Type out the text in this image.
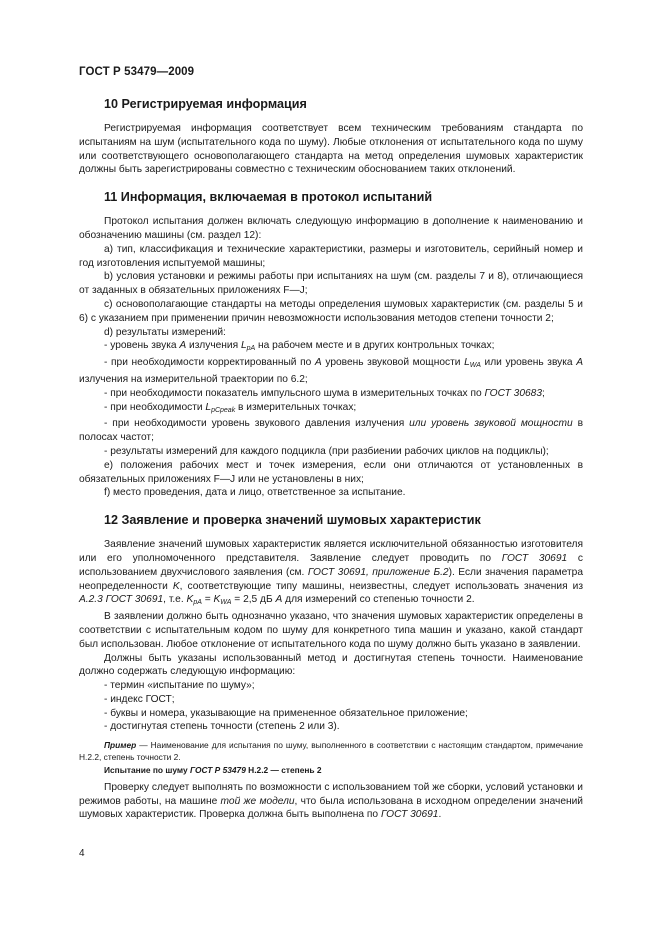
ГОСТ Р 53479—2009
10 Регистрируемая информация

Регистрируемая информация соответствует всем техническим требованиям стандарта по испытаниям на шум (испытательного кода по шуму). Любые отклонения от испытательного кода по шуму или соответствующего основополагающего стандарта на метод определения шумовых характеристик должны быть зарегистрированы совместно с техническим обоснованием таких отклонений.

11 Информация, включаемая в протокол испытаний

Протокол испытания должен включать следующую информацию в дополнение к наименованию и обозначению машины (см. раздел 12):

а) тип, классификация и технические характеристики, размеры и изготовитель, серийный номер и год изготовления испытуемой машины;

b) условия установки и режимы работы при испытаниях на шум (см. разделы 7 и 8), отличающиеся от заданных в обязательных приложениях F—J;

с) основополагающие стандарты на методы определения шумовых характеристик (см. разделы 5 и 6) с указанием при применении причин невозможности использования методов степени точности 2;

d) результаты измерений:

- уровень звука A излучения $L_{pA}$ на рабочем месте и в других контрольных точках;

- при необходимости корректированный по A уровень звуковой мощности $L_{WA}$ или уровень звука A излучения на измерительной траектории по 6.2;

- при необходимости показатель импульсного шума в измерительных точках по ГОСТ 30683;

- при необходимости $L_{pCpeak}$ в измерительных точках;

- при необходимости уровень звукового давления излучения или уровень звуковой мощности в полосах частот;

- результаты измерений для каждого подцикла (при разбиении рабочих циклов на подциклы);

е) положения рабочих мест и точек измерения, если они отличаются от установленных в обязательных приложениях F—J или не установлены в них;

f) место проведения, дата и лицо, ответственное за испытание.

12 Заявление и проверка значений шумовых характеристик

Заявление значений шумовых характеристик является исключительной обязанностью изготовителя или его уполномоченного представителя. Заявление следует проводить по ГОСТ 30691 с использованием двухчислового заявления (см. ГОСТ 30691, приложение Б.2). Если значения параметра неопределенности K, соответствующие типу машины, неизвестны, следует использовать значения из А.2.3 ГОСТ 30691, т.е. $K_{pA} = K_{WA} = 2,5$ дБ A для измерений со степенью точности 2.

В заявлении должно быть однозначно указано, что значения шумовых характеристик определены в соответствии с испытательным кодом по шуму для конкретного типа машин и указано, какой стандарт был использован. Любое отклонение от испытательного кода по шуму должно быть указано в заявлении.

Должны быть указаны использованный метод и достигнутая степень точности. Наименование должно содержать следующую информацию:

- термин «испытание по шуму»;

- индекс ГОСТ;

- буквы и номера, указывающие на примененное обязательное приложение;

- достигнутая степень точности (степень 2 или 3).

Пример — Наименование для испытания по шуму, выполненного в соответствии с настоящим стандартом, примечание Н.2.2, степень точности 2.

Испытание по шуму ГОСТ Р 53479 Н.2.2 — степень 2

Проверку следует выполнять по возможности с использованием той же сборки, условий установки и режимов работы, на машине той же модели, что была использована в исходном определении значений шумовых характеристик. Проверка должна быть выполнена по ГОСТ 30691.

4
